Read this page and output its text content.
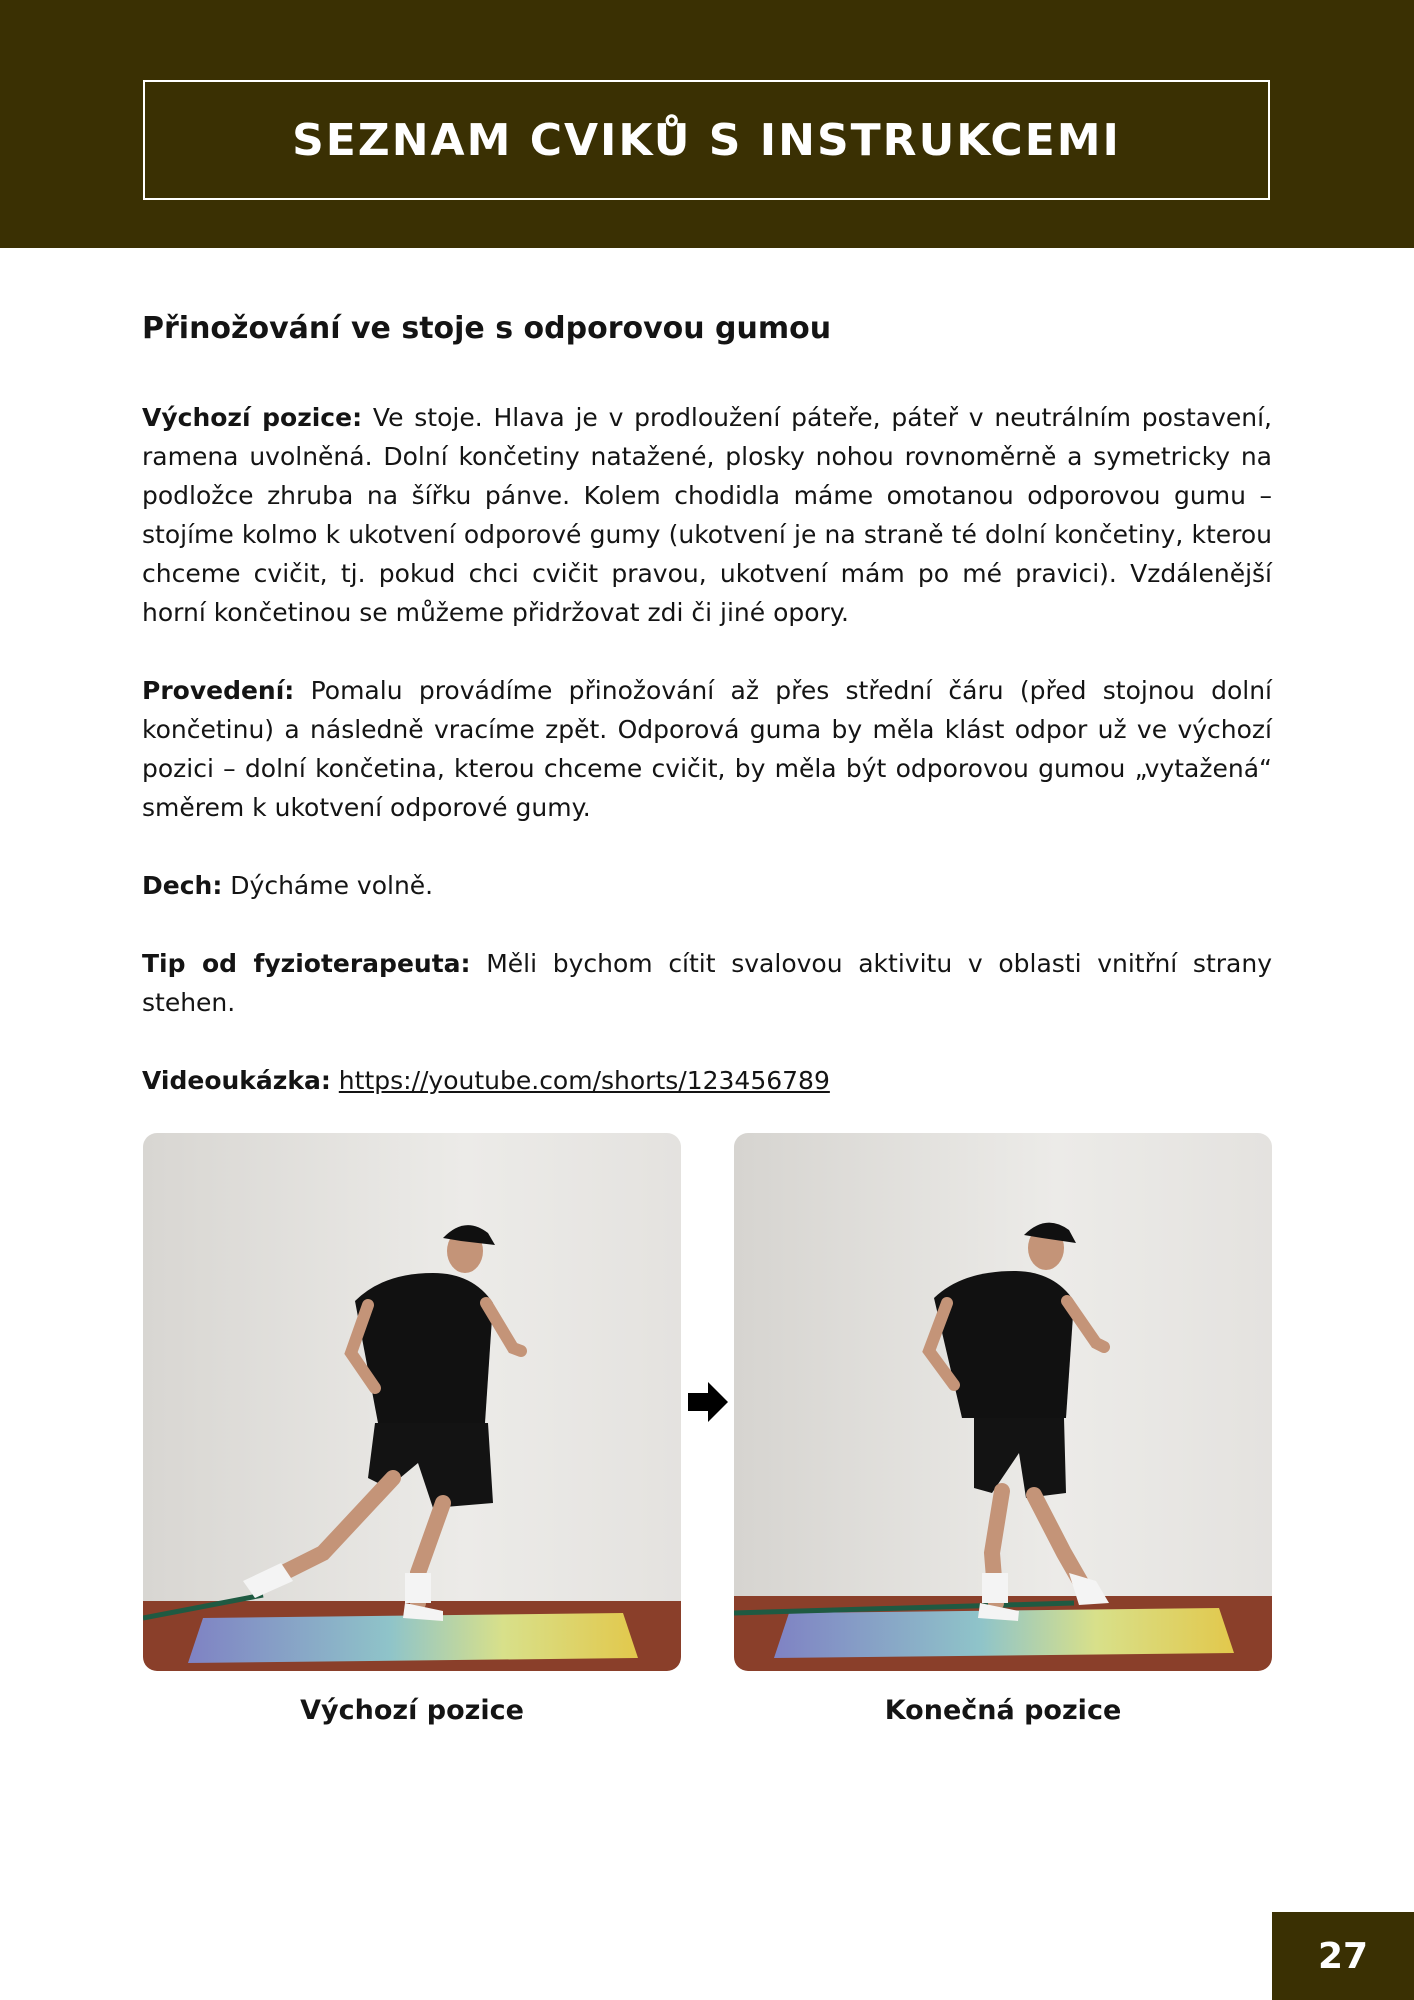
SEZNAM CVIKŮ S INSTRUKCEMI
Přinožování ve stoje s odporovou gumou

Výchozí pozice: Ve stoje. Hlava je v prodloužení páteře, páteř v neutrálním postavení, ramena uvolněná. Dolní končetiny natažené, plosky nohou rovnoměrně a symetricky na podložce zhruba na šířku pánve. Kolem chodidla máme omotanou odporovou gumu – stojíme kolmo k ukotvení odporové gumy (ukotvení je na straně té dolní končetiny, kterou chceme cvičit, tj. pokud chci cvičit pravou, ukotvení mám po mé pravici). Vzdálenější horní končetinou se můžeme přidržovat zdi či jiné opory.

Provedení: Pomalu provádíme přinožování až přes střední čáru (před stojnou dolní končetinu) a následně vracíme zpět. Odporová guma by měla klást odpor už ve výchozí pozici – dolní končetina, kterou chceme cvičit, by měla být odporovou gumou „vytažená“ směrem k ukotvení odporové gumy.

Dech: Dýcháme volně.

Tip od fyzioterapeuta: Měli bychom cítit svalovou aktivitu v oblasti vnitřní strany stehen.

Videoukázka: https://youtube.com/shorts/123456789

Výchozí pozice	Konečná pozice
27
